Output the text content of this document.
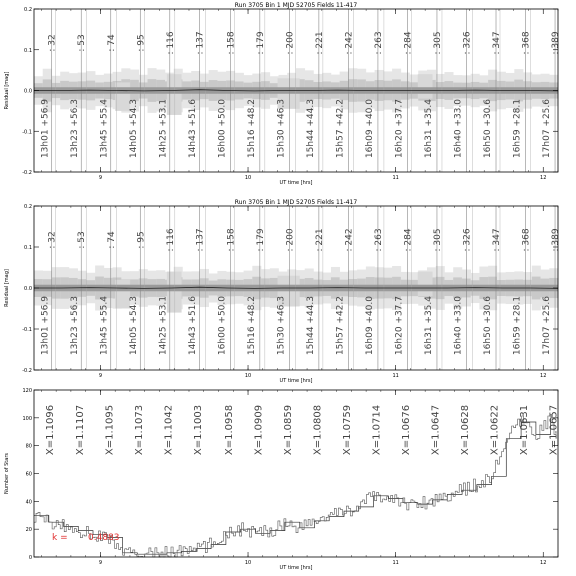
Run 3705 Bin 1 MJD 52705 Fields 11-417
Residual [mag]
UT time [hrs]
: 32 : 53 : 74 : 95 : 116 : 137 : 158 : 179 : 200 : 221 : 242 : 263 : 284 : 305 : 326 : 347 : 368 : 389
13h01 +56.9 13h23 +56.3 13h45 +55.4 14h05 +54.3 14h25 +53.1 14h43 +51.6 16h00 +50.0 15h16 +48.2 15h30 +46.3 15h44 +44.3 15h57 +42.2 16h09 +40.0 16h20 +37.7 16h31 +35.4 16h40 +33.0 16h50 +30.6 16h59 +28.1 17h07 +25.6
9	10	11	12
0.2
0.1
0.0
-0.1
-0.2
Run 3705 Bin 1 MJD 52705 Fields 11-417
Residual [mag]
UT time [hrs]
: 32 : 53 : 74 : 95 : 116 : 137 : 158 : 179 : 200 : 221 : 242 : 263 : 284 : 305 : 326 : 347 : 368 : 389
13h01 +56.9 13h23 +56.3 13h45 +55.4 14h05 +54.3 14h25 +53.1 14h43 +51.6 16h00 +50.0 15h16 +48.2 15h30 +46.3 15h44 +44.3 15h57 +42.2 16h09 +40.0 16h20 +37.7 16h31 +35.4 16h40 +33.0 16h50 +30.6 16h59 +28.1 17h07 +25.6
9	10	11	12
0.2
0.1
0.0
-0.1
-0.2
Number of Stars
UT time [hrs]
X=1.1096 X=1.1107 X=1.1095 X=1.1073 X=1.1042 X=1.1003 X=1.0958 X=1.0909 X=1.0859 X=1.0808 X=1.0759 X=1.0714 X=1.0676 X=1.0647 X=1.0628 X=1.0622 X=1.0631 X=1.0657
9	10	11	12
0
20
40
60
80
100
120
k = 0.4883
